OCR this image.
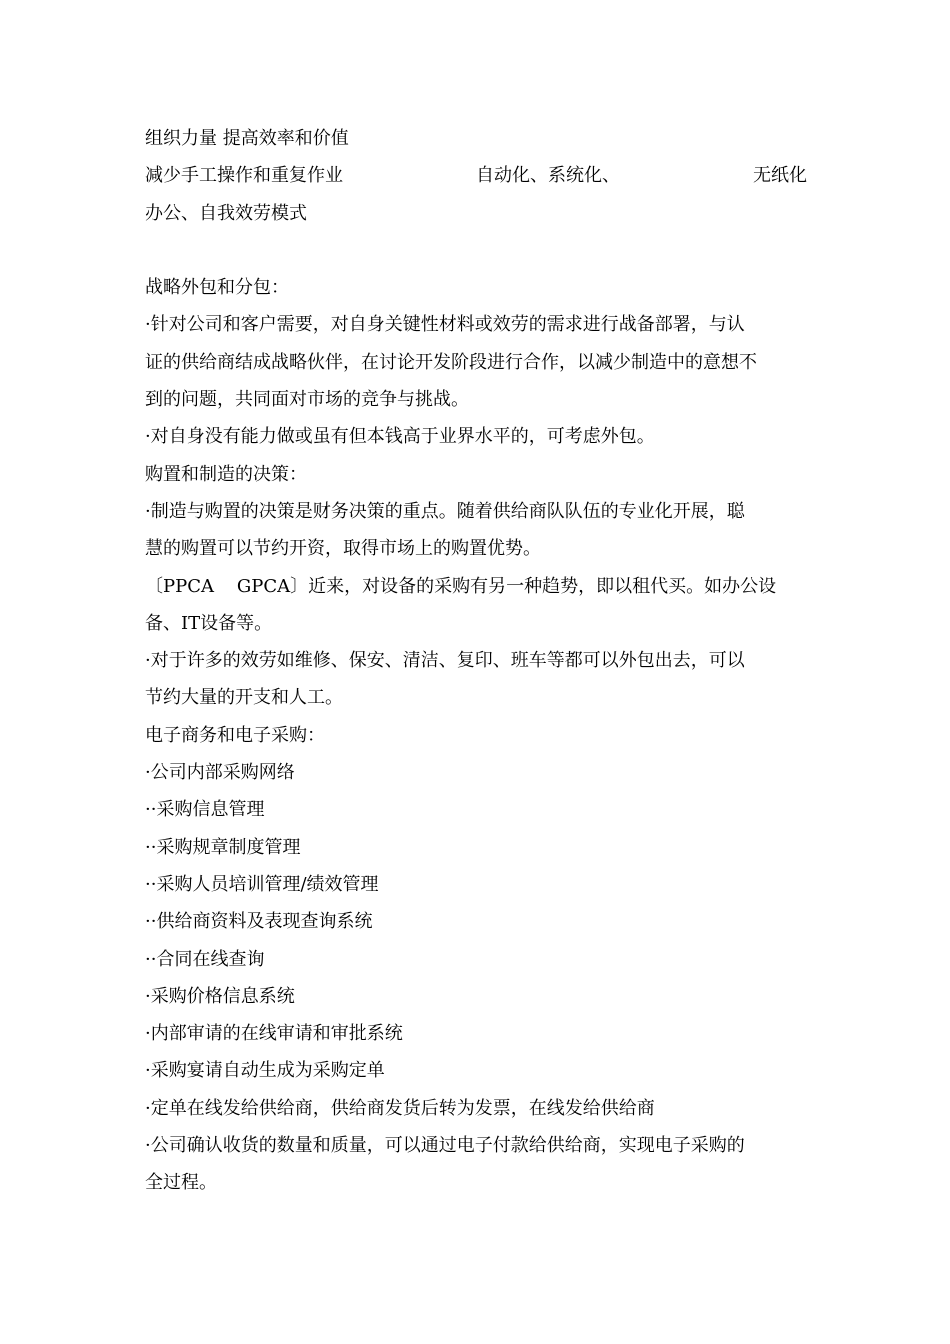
组织力量 提高效率和价值

减少手工操作和重复作业	自动化、系统化、	无纸化

办公、自我效劳模式

战略外包和分包：

·针对公司和客户需要，对自身关键性材料或效劳的需求进行战备部署，与认

证的供给商结成战略伙伴，在讨论开发阶段进行合作，以减少制造中的意想不

到的问题，共同面对市场的竞争与挑战。

·对自身没有能力做或虽有但本钱高于业界水平的，可考虑外包。

购置和制造的决策：

·制造与购置的决策是财务决策的重点。随着供给商队队伍的专业化开展，聪

慧的购置可以节约开资，取得市场上的购置优势。

〔PPCA    GPCA〕近来，对设备的采购有另一种趋势，即以租代买。如办公设

备、IT设备等。

·对于许多的效劳如维修、保安、清洁、复印、班车等都可以外包出去，可以

节约大量的开支和人工。

电子商务和电子采购：

·公司内部采购网络

··采购信息管理

··采购规章制度管理

··采购人员培训管理/绩效管理

··供给商资料及表现查询系统

··合同在线查询

·采购价格信息系统

·内部审请的在线审请和审批系统

·采购宴请自动生成为采购定单

·定单在线发给供给商，供给商发货后转为发票，在线发给供给商

·公司确认收货的数量和质量，可以通过电子付款给供给商，实现电子采购的

全过程。
